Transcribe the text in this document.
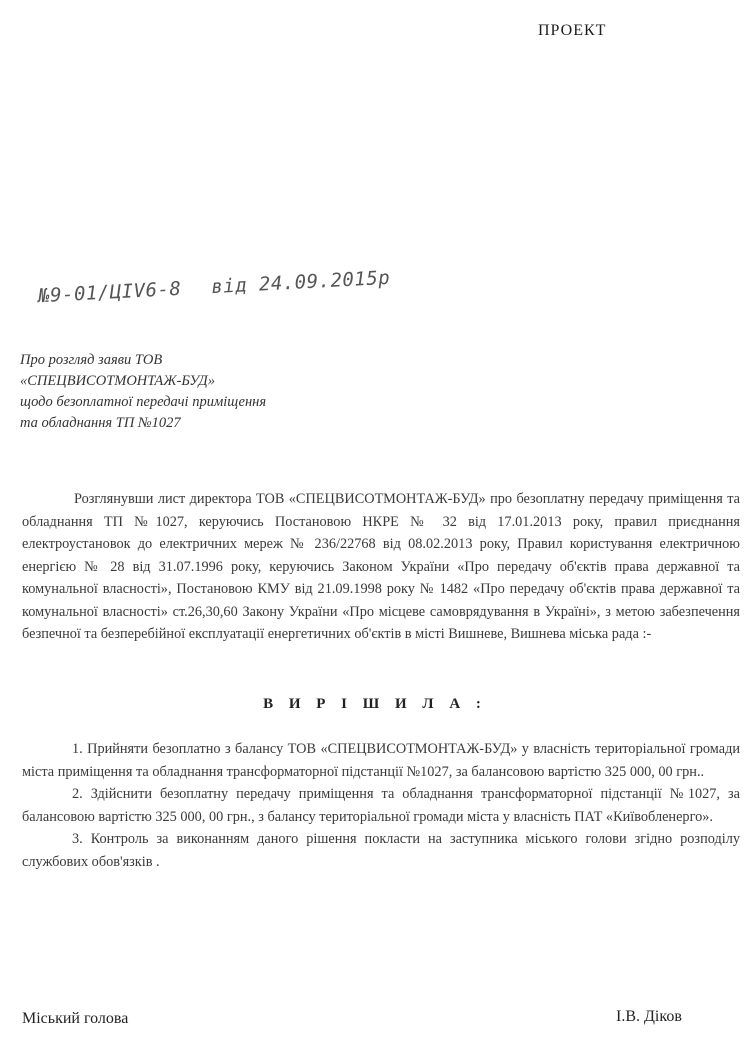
ПРОЕКТ
№9-01/ЦІV6-8 від 24.09.2015р
Про розгляд заяви ТОВ
«СПЕЦВИСОТМОНТАЖ-БУД»
щодо безоплатної передачі приміщення
та обладнання ТП №1027

Розглянувши лист директора ТОВ «СПЕЦВИСОТМОНТАЖ-БУД» про безоплатну передачу приміщення та обладнання ТП №1027, керуючись Постановою НКРЕ № 32 від 17.01.2013 року, правил приєднання електроустановок до електричних мереж № 236/22768 від 08.02.2013 року, Правил користування електричною енергією № 28 від 31.07.1996 року, керуючись Законом України «Про передачу об'єктів права державної та комунальної власності», Постановою КМУ від 21.09.1998 року № 1482 «Про передачу об'єктів права державної та комунальної власності» ст.26,30,60 Закону України «Про місцеве самоврядування в Україні», з метою забезпечення безпечної та безперебійної експлуатації енергетичних об'єктів в місті Вишневе, Вишнева міська рада :-

В И Р І Ш И Л А :

1. Прийняти безоплатно з балансу ТОВ «СПЕЦВИСОТМОНТАЖ-БУД» у власність територіальної громади міста приміщення та обладнання трансформаторної підстанції №1027, за балансовою вартістю 325 000, 00 грн..

2. Здійснити безоплатну передачу приміщення та обладнання трансформаторної підстанції №1027, за балансовою вартістю 325 000, 00 грн., з балансу територіальної громади міста у власність ПАТ «Київобленерго».

3. Контроль за виконанням даного рішення покласти на заступника міського голови згідно розподілу службових обов'язків .

Міський голова	І.В. Діков
